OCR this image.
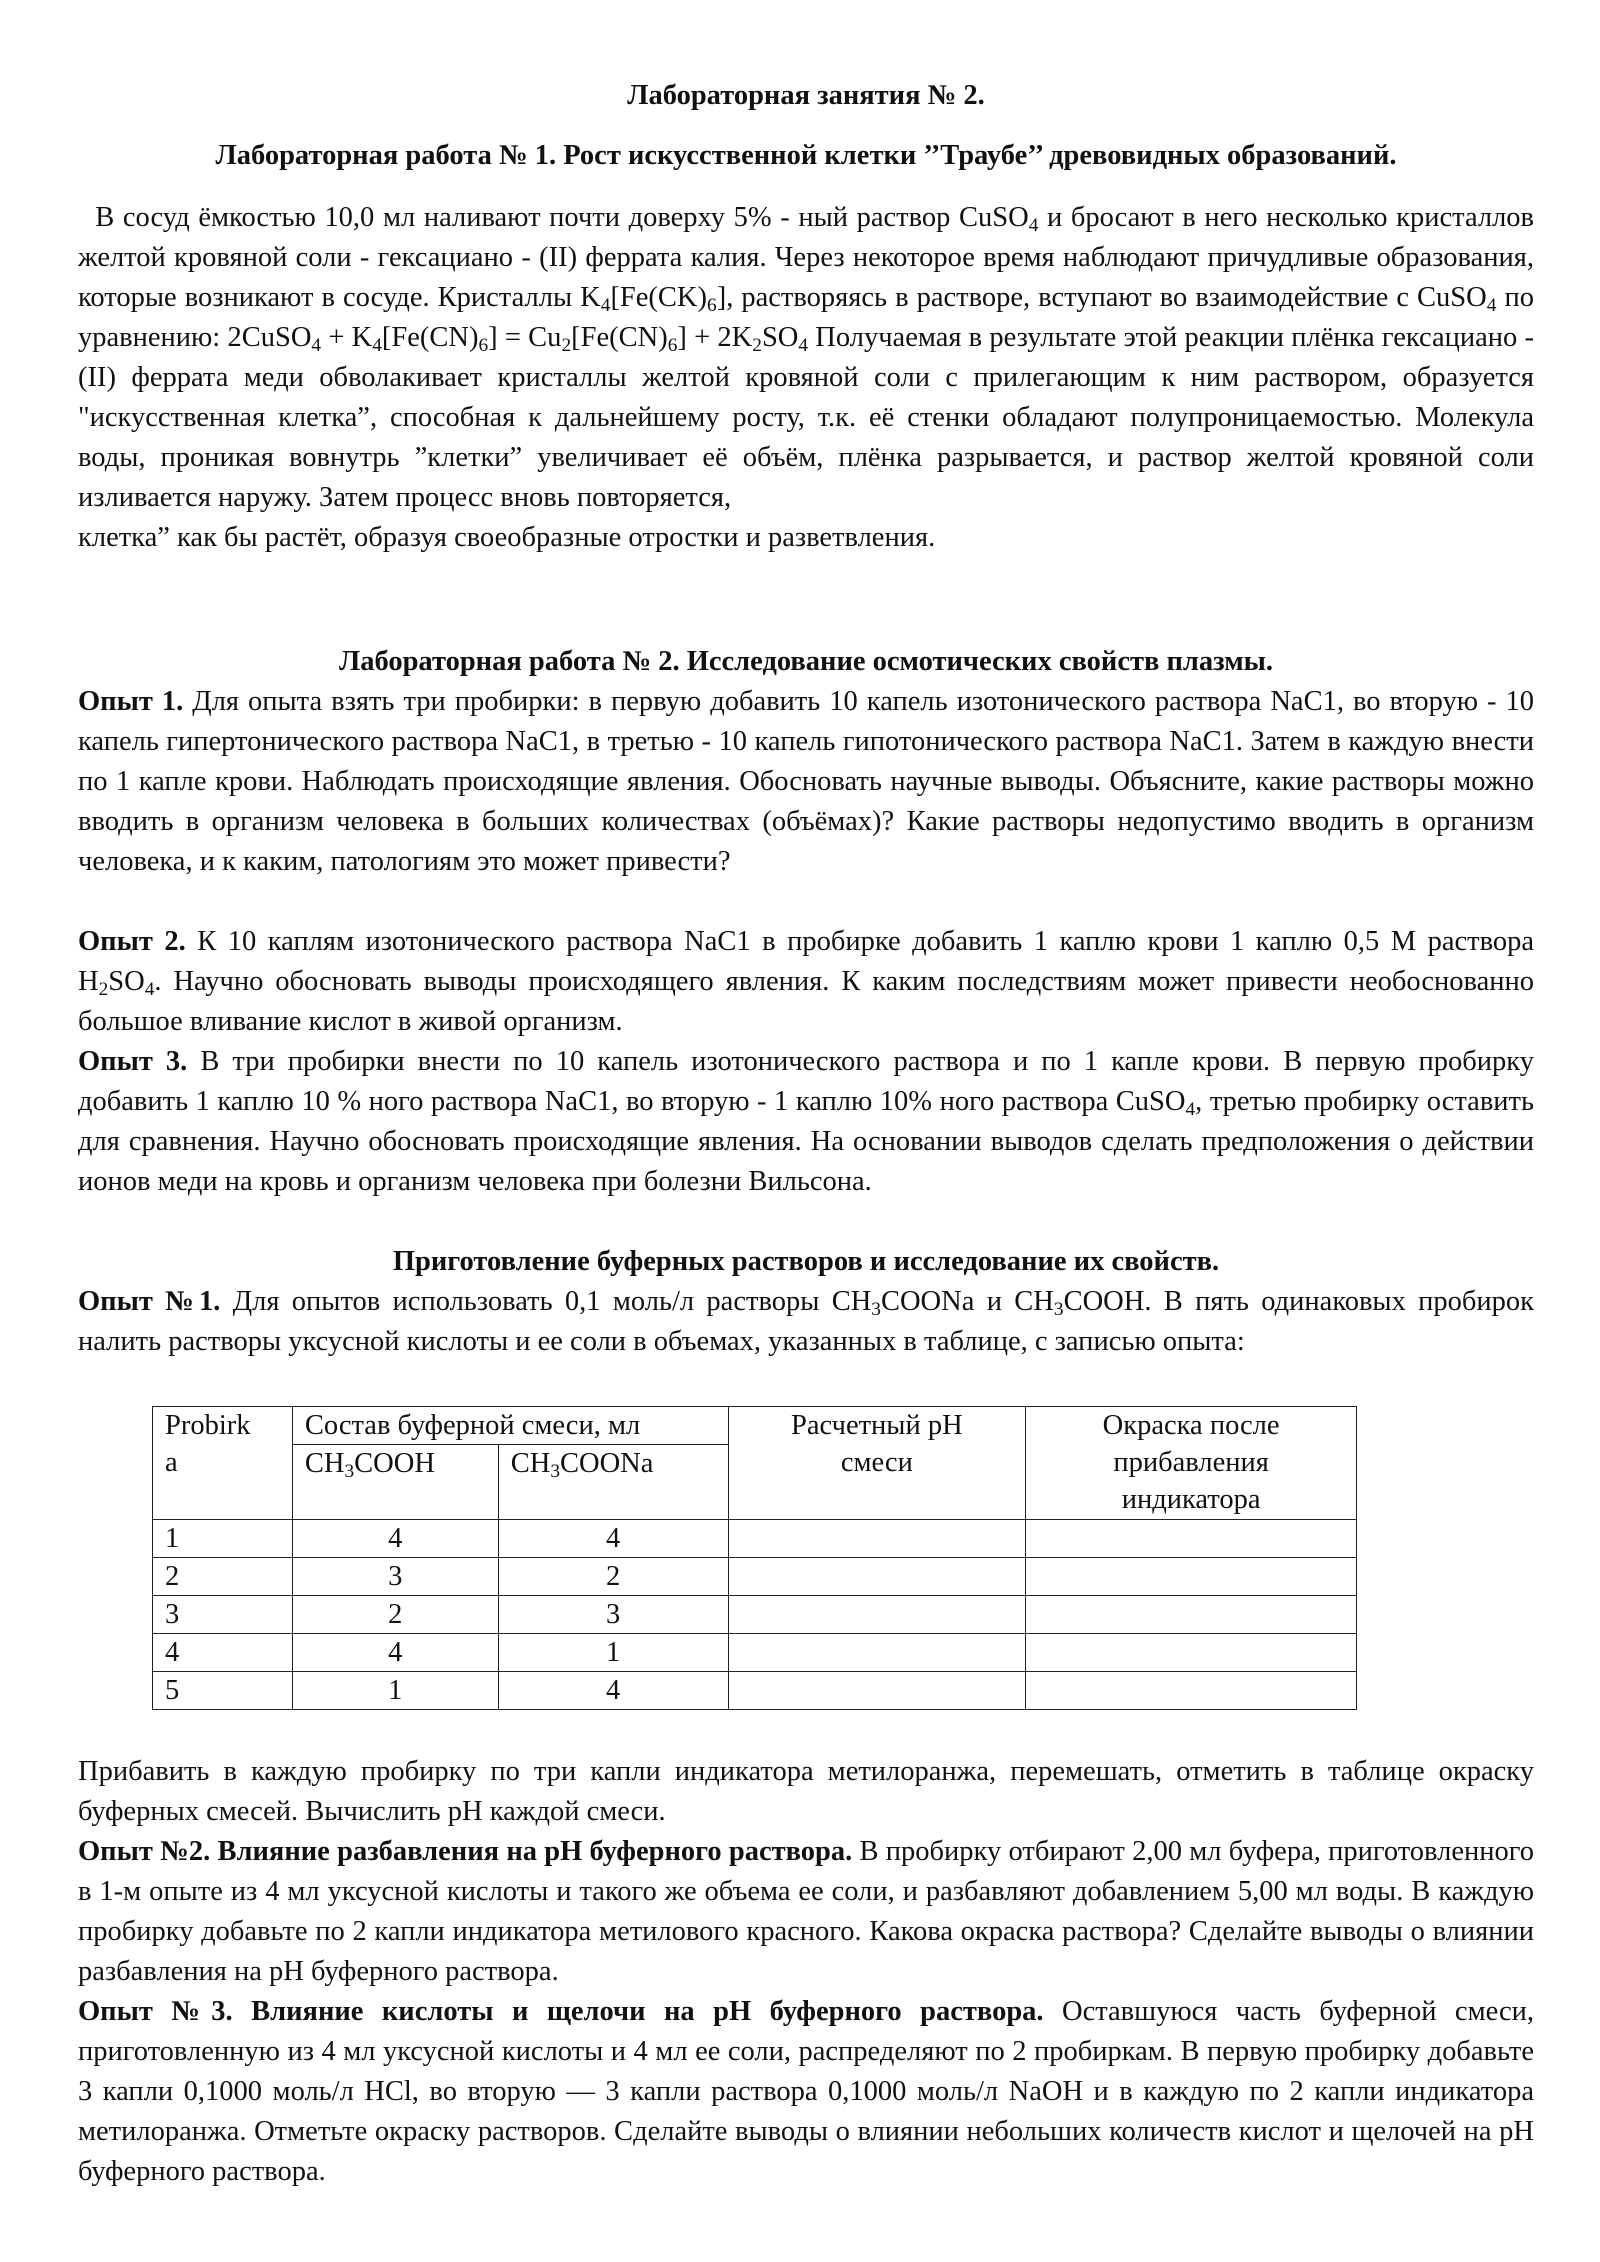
Лабораторная занятия № 2.
Лабораторная работа № 1. Рост искусственной клетки ’’Траубе’’ древовидных образований.
В сосуд ёмкостью 10,0 мл наливают почти доверху 5% - ный раствор CuSO$_4$ и бросают в него несколько кристаллов желтой кровяной соли - гексациано - (II) феррата калия. Через некоторое время наблюдают причудливые образования, которые возникают в сосуде. Кристаллы $K_4[Fe(CK)_6]$, растворяясь в растворе, вступают во взаимодействие с CuSO$_4$ по уравнению: 2CuSO$_4$ + $K_4[Fe(CN)_6] = Cu_2[Fe(CN)_6] + 2K_2SO_4$ Получаемая в результате этой реакции плёнка гексациано - (II) феррата меди обволакивает кристаллы желтой кровяной соли с прилегающим к ним раствором, образуется "искусственная клетка”, способная к дальнейшему росту, т.к. её стенки обладают полупроницаемостью. Молекула воды, проникая вовнутрь ”клетки” увеличивает её объём, плёнка разрывается, и раствор желтой кровяной соли изливается наружу. Затем процесс вновь повторяется,
клетка” как бы растёт, образуя своеобразные отростки и разветвления.
Лабораторная работа № 2. Исследование осмотических свойств плазмы.
Опыт 1. Для опыта взять три пробирки: в первую добавить 10 капель изотонического раствора NaC1, во вторую - 10 капель гипертонического раствора NaC1, в третью - 10 капель гипотонического раствора NaC1. Затем в каждую внести по 1 капле крови. Наблюдать происходящие явления. Обосновать научные выводы. Объясните, какие растворы можно вводить в организм человека в больших количествах (объёмах)? Какие растворы недопустимо вводить в организм человека, и к каким, патологиям это может привести?
Опыт 2. К 10 каплям изотонического раствора NaC1 в пробирке добавить 1 каплю крови 1 каплю 0,5 М раствора $H_2SO_4$. Научно обосновать выводы происходящего явления. К каким последствиям может привести необоснованно большое вливание кислот в живой организм.
Опыт 3. В три пробирки внести по 10 капель изотонического раствора и по 1 капле крови. В первую пробирку добавить 1 каплю 10 % ного раствора NaC1, во вторую - 1 каплю 10% ного раствора CuSO$_4$, третью пробирку оставить для сравнения. Научно обосновать происходящие явления. На основании выводов сделать предположения о действии ионов меди на кровь и организм человека при болезни Вильсона.
Приготовление буферных растворов и исследование их свойств.
Опыт №1. Для опытов использовать 0,1 моль/л растворы $CH_3COONa$ и $CH_3COOH$. В пять одинаковых пробирок налить растворы уксусной кислоты и ее соли в объемах, указанных в таблице, с записью опыта:
Probirk
a	Состав буферной смеси, мл		Расчетный pH смеси	Окраска после прибавления индикатора

	$CH_3COOH$	$CH_3COONa$		
1	4	4		
2	3	2		
3	2	3		
4	4	1		
5	1	4		
Прибавить в каждую пробирку по три капли индикатора метилоранжа, перемешать, отметить в таблице окраску буферных смесей. Вычислить pH каждой смеси.
Опыт №2. Влияние разбавления на pH буферного раствора. В пробирку отбирают 2,00 мл буфера, приготовленного в 1-м опыте из 4 мл уксусной кислоты и такого же объема ее соли, и разбавляют добавлением 5,00 мл воды. В каждую пробирку добавьте по 2 капли индикатора метилового красного. Какова окраска раствора? Сделайте выводы о влиянии разбавления на pH буферного раствора.
Опыт №3. Влияние кислоты и щелочи на pH буферного раствора. Оставшуюся часть буферной смеси, приготовленную из 4 мл уксусной кислоты и 4 мл ее соли, распределяют по 2 пробиркам. В первую пробирку добавьте 3 капли 0,1000 моль/л HCl, во вторую — 3 капли раствора 0,1000 моль/л NaOH и в каждую по 2 капли индикатора метилоранжа. Отметьте окраску растворов. Сделайте выводы о влиянии небольших количеств кислот и щелочей на pH буферного раствора.
